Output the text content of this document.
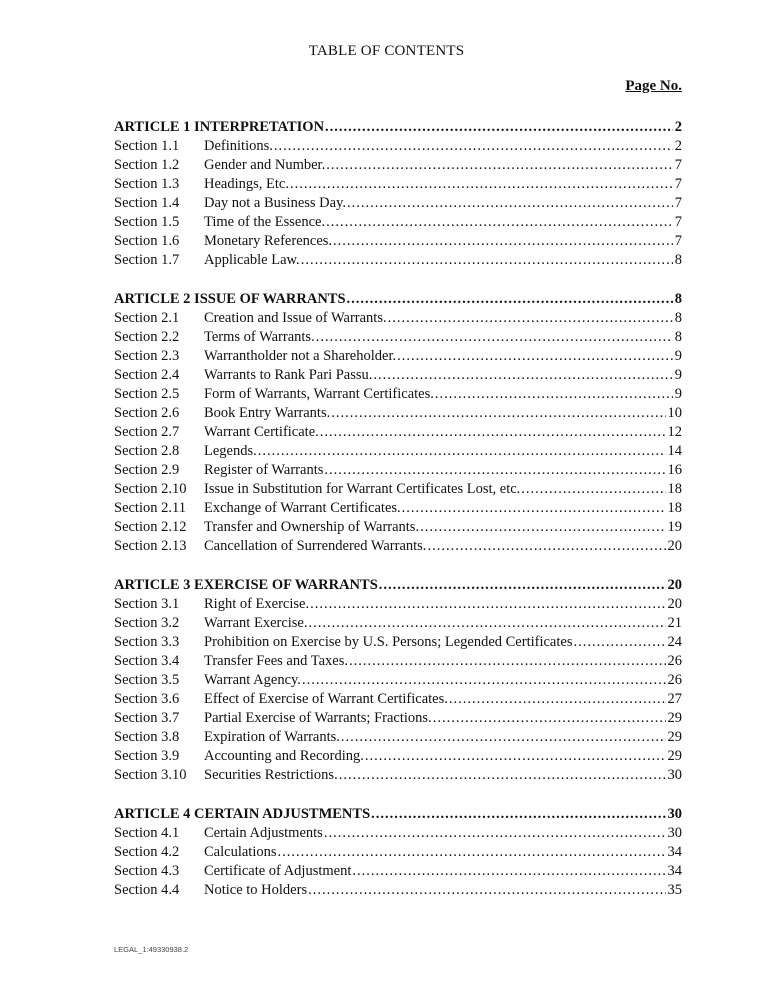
TABLE OF CONTENTS
Page No.
ARTICLE 1 INTERPRETATION .....	2
Section 1.1	Definitions. .....	2
Section 1.2	Gender and Number. .....	7
Section 1.3	Headings, Etc. .....	7
Section 1.4	Day not a Business Day. .....	7
Section 1.5	Time of the Essence. .....	7
Section 1.6	Monetary References. .....	7
Section 1.7	Applicable Law. .....	8
ARTICLE 2 ISSUE OF WARRANTS .....	8
Section 2.1	Creation and Issue of Warrants. .....	8
Section 2.2	Terms of Warrants. .....	8
Section 2.3	Warrantholder not a Shareholder. .....	9
Section 2.4	Warrants to Rank Pari Passu. .....	9
Section 2.5	Form of Warrants, Warrant Certificates. .....	9
Section 2.6	Book Entry Warrants. .....	10
Section 2.7	Warrant Certificate. .....	12
Section 2.8	Legends. .....	14
Section 2.9	Register of Warrants .....	16
Section 2.10	Issue in Substitution for Warrant Certificates Lost, etc. .....	18
Section 2.11	Exchange of Warrant Certificates. .....	18
Section 2.12	Transfer and Ownership of Warrants. .....	19
Section 2.13	Cancellation of Surrendered Warrants. .....	20
ARTICLE 3 EXERCISE OF WARRANTS .....	20
Section 3.1	Right of Exercise. .....	20
Section 3.2	Warrant Exercise. .....	21
Section 3.3	Prohibition on Exercise by U.S. Persons; Legended Certificates .....	24
Section 3.4	Transfer Fees and Taxes. .....	26
Section 3.5	Warrant Agency. .....	26
Section 3.6	Effect of Exercise of Warrant Certificates. .....	27
Section 3.7	Partial Exercise of Warrants; Fractions. .....	29
Section 3.8	Expiration of Warrants. .....	29
Section 3.9	Accounting and Recording. .....	29
Section 3.10	Securities Restrictions. .....	30
ARTICLE 4 CERTAIN ADJUSTMENTS .....	30
Section 4.1	Certain Adjustments .....	30
Section 4.2	Calculations .....	34
Section 4.3	Certificate of Adjustment .....	34
Section 4.4	Notice to Holders .....	35
LEGAL_1:49330938.2
